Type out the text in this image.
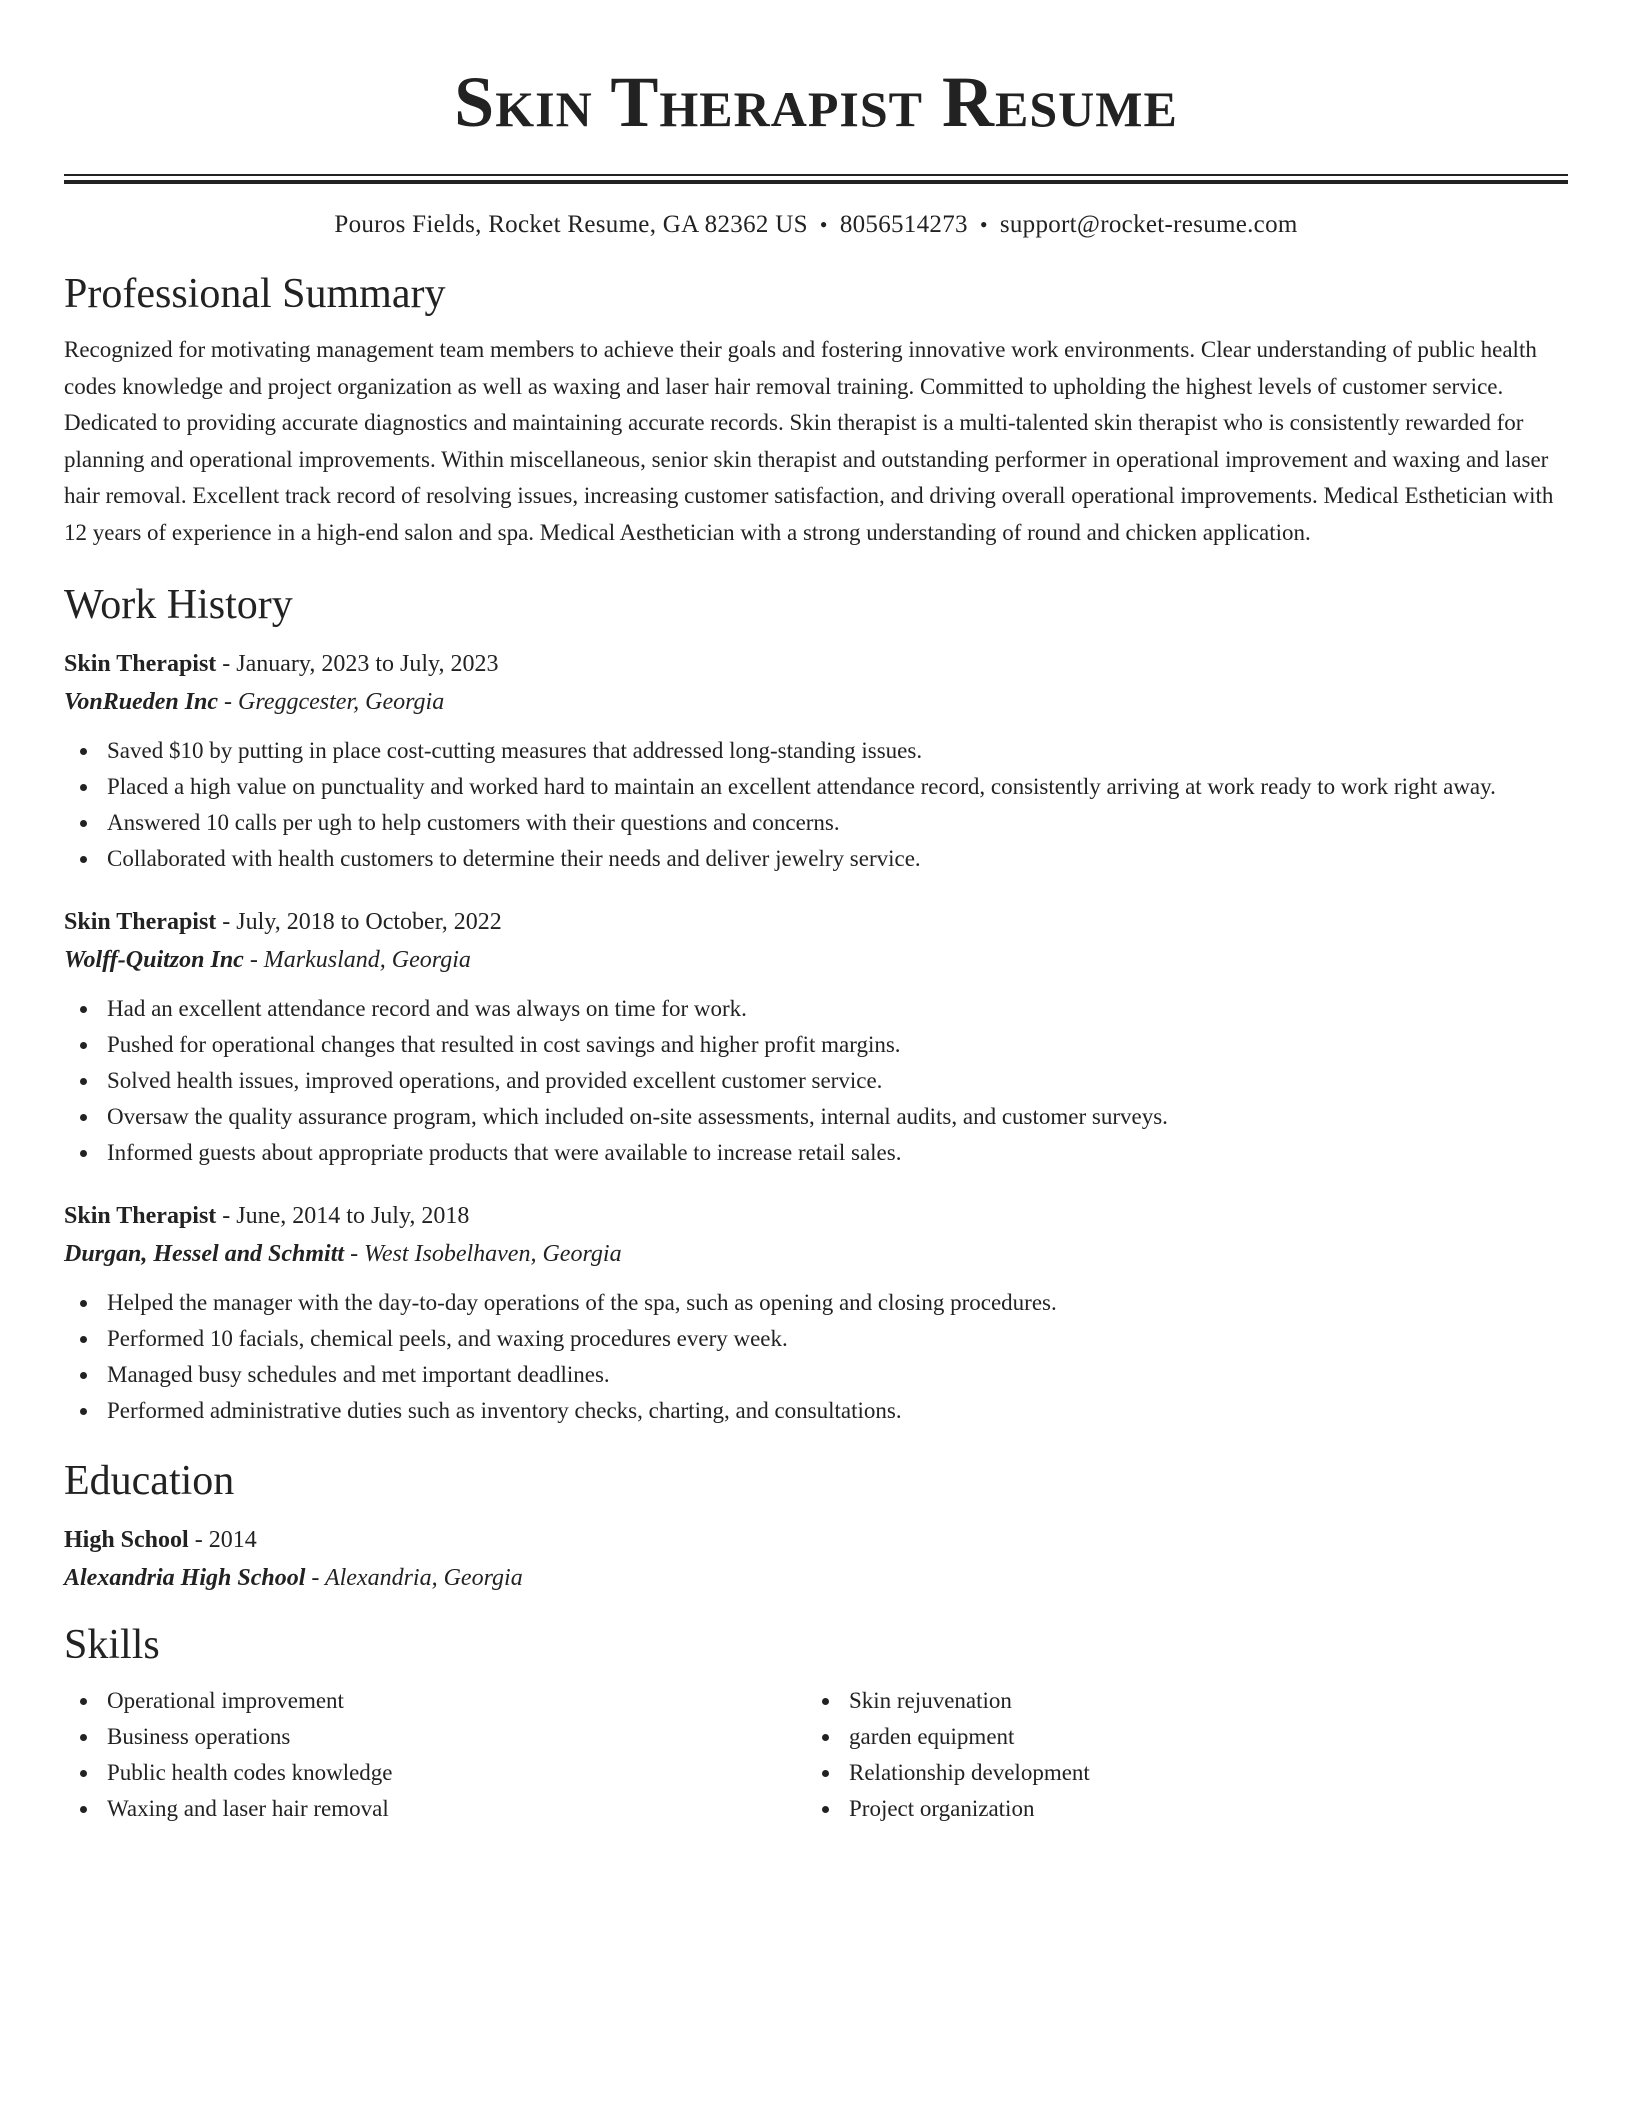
Skin Therapist Resume
Pouros Fields, Rocket Resume, GA 82362 US • 8056514273 • support@rocket-resume.com
Professional Summary

Recognized for motivating management team members to achieve their goals and fostering innovative work environments. Clear understanding of public health codes knowledge and project organization as well as waxing and laser hair removal training. Committed to upholding the highest levels of customer service. Dedicated to providing accurate diagnostics and maintaining accurate records. Skin therapist is a multi-talented skin therapist who is consistently rewarded for planning and operational improvements. Within miscellaneous, senior skin therapist and outstanding performer in operational improvement and waxing and laser hair removal. Excellent track record of resolving issues, increasing customer satisfaction, and driving overall operational improvements. Medical Esthetician with 12 years of experience in a high-end salon and spa. Medical Aesthetician with a strong understanding of round and chicken application.

Work History
Skin Therapist - January, 2023 to July, 2023
VonRueden Inc - Greggcester, Georgia
Saved $10 by putting in place cost-cutting measures that addressed long-standing issues.
Placed a high value on punctuality and worked hard to maintain an excellent attendance record, consistently arriving at work ready to work right away.
Answered 10 calls per ugh to help customers with their questions and concerns.
Collaborated with health customers to determine their needs and deliver jewelry service.
Skin Therapist - July, 2018 to October, 2022
Wolff-Quitzon Inc - Markusland, Georgia
Had an excellent attendance record and was always on time for work.
Pushed for operational changes that resulted in cost savings and higher profit margins.
Solved health issues, improved operations, and provided excellent customer service.
Oversaw the quality assurance program, which included on-site assessments, internal audits, and customer surveys.
Informed guests about appropriate products that were available to increase retail sales.
Skin Therapist - June, 2014 to July, 2018
Durgan, Hessel and Schmitt - West Isobelhaven, Georgia
Helped the manager with the day-to-day operations of the spa, such as opening and closing procedures.
Performed 10 facials, chemical peels, and waxing procedures every week.
Managed busy schedules and met important deadlines.
Performed administrative duties such as inventory checks, charting, and consultations.
Education
High School - 2014
Alexandria High School - Alexandria, Georgia
Skills
Operational improvement
Business operations
Public health codes knowledge
Waxing and laser hair removal
Skin rejuvenation
garden equipment
Relationship development
Project organization
